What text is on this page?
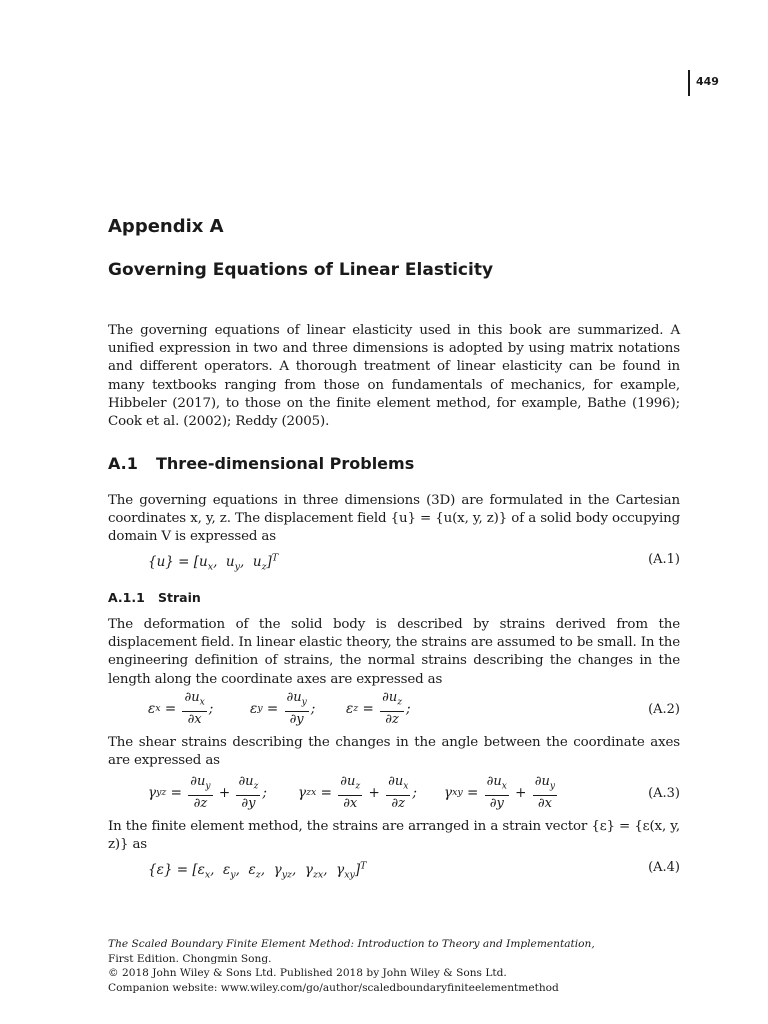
449
Appendix A
Governing Equations of Linear Elasticity

The governing equations of linear elasticity used in this book are summarized. A unified expression in two and three dimensions is adopted by using matrix notations and different operators. A thorough treatment of linear elasticity can be found in many textbooks ranging from those on fundamentals of mechanics, for example, Hibbeler (2017), to those on the finite element method, for example, Bathe (1996); Cook et al. (2002); Reddy (2005).

A.1 Three-dimensional Problems

The governing equations in three dimensions (3D) are formulated in the Cartesian coordinates x, y, z. The displacement field {u} = {u(x, y, z)} of a solid body occupying domain V is expressed as

$\{u\} = [u_x$,  $u_y$,  $u_z]^T$	(A.1)
A.1.1 Strain

The deformation of the solid body is described by strains derived from the displacement field. In linear elastic theory, the strains are assumed to be small. In the engineering definition of strains, the normal strains describing the changes in the length along the coordinate axes are expressed as

ε $x = \frac{\partial u_x}{\partial x}$ ;	ε $y = \frac{\partial u_y}{\partial y}$ ; ε $z = \frac{\partial u_z}{\partial z}$ ;	(A.2)

The shear strains describing the changes in the angle between the coordinate axes are expressed as

γ yz = $\frac{\partial u_y}{\partial z} + \frac{\partial u_z}{\partial y}$ ; γ zx = $\frac{\partial u_z}{\partial x} + \frac{\partial u_x}{\partial z}$ ; γ xy = $\frac{\partial u_x}{\partial y} + \frac{\partial u_y}{\partial x}$	(A.3)

In the finite element method, the strains are arranged in a strain vector {ε} = {ε(x, y, z)} as

$\{\varepsilon\} = [\varepsilon_x$,  $\varepsilon_y$,  $\varepsilon_z$,  $\gamma_{yz}$,  $\gamma_{zx}$,  $\gamma_{xy}]^T$	(A.4)
The Scaled Boundary Finite Element Method: Introduction to Theory and Implementation,
First Edition. Chongmin Song.
© 2018 John Wiley & Sons Ltd. Published 2018 by John Wiley & Sons Ltd.
Companion website: www.wiley.com/go/author/scaledboundaryfiniteelementmethod
